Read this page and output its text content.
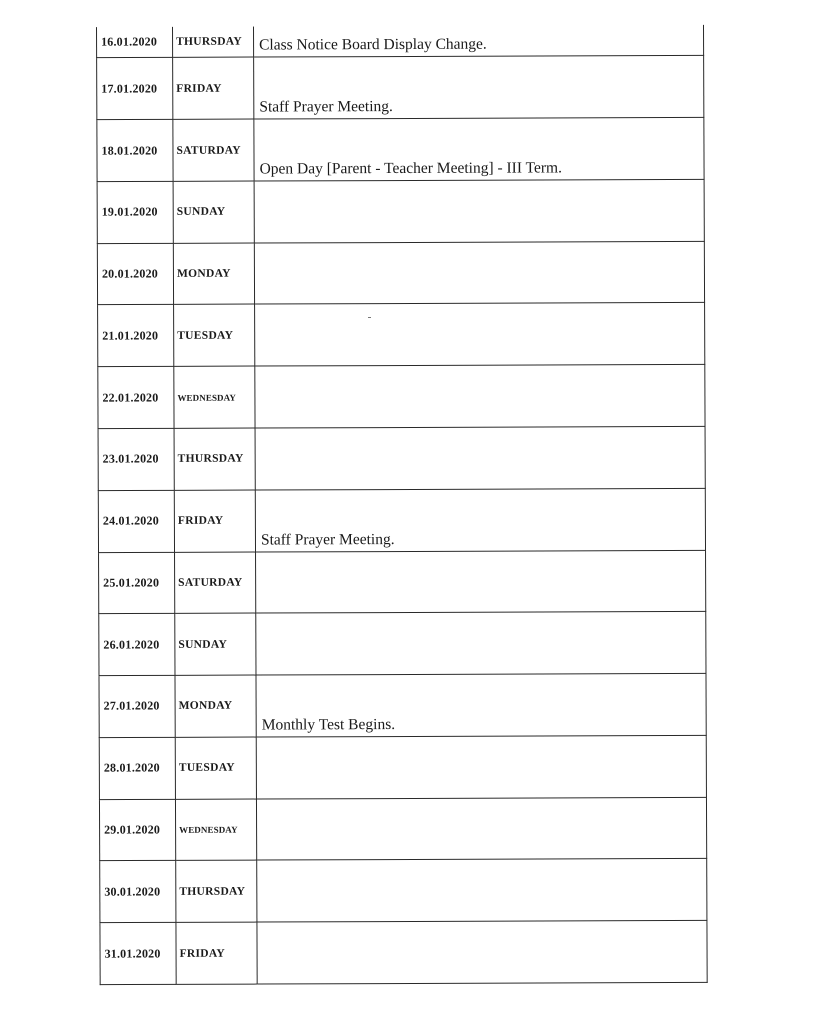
16.01.2020	THURSDAY	Class Notice Board Display Change.

17.01.2020	FRIDAY	Staff Prayer Meeting.

18.01.2020	SATURDAY	Open Day [Parent - Teacher Meeting] - III Term.

19.01.2020	SUNDAY	

20.01.2020	MONDAY	

21.01.2020	TUESDAY	

22.01.2020	WEDNESDAY	

23.01.2020	THURSDAY	

24.01.2020	FRIDAY	Staff Prayer Meeting.

25.01.2020	SATURDAY	

26.01.2020	SUNDAY	

27.01.2020	MONDAY	Monthly Test Begins.

28.01.2020	TUESDAY	

29.01.2020	WEDNESDAY	

30.01.2020	THURSDAY	

31.01.2020	FRIDAY	
